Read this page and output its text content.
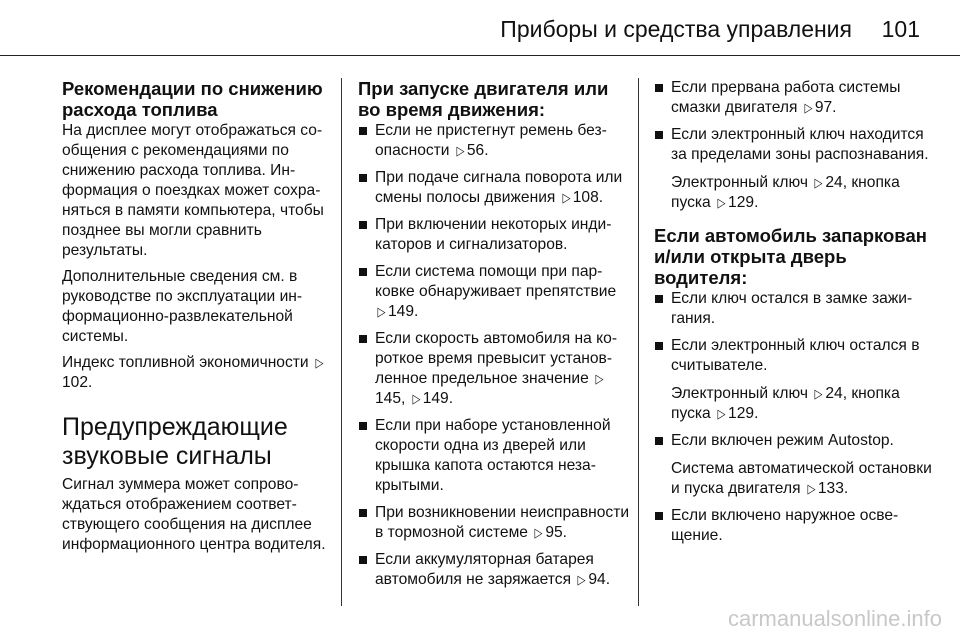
Приборы и средства управления 101
Рекомендации по снижению расхода топлива

На дисплее могут отображаться сообщения с рекомендациями по снижению расхода топлива. Информация о поездках может сохраняться в памяти компьютера, чтобы позднее вы могли сравнить результаты.

Дополнительные сведения см. в руководстве по эксплуатации информационно-развлекательной системы.

Индекс топливной экономичности ▷102.

Предупреждающие звуковые сигналы

Сигнал зуммера может сопровождаться отображением соответствующего сообщения на дисплее информационного центра водителя.

При запуске двигателя или во время движения:
Если не пристегнут ремень безопасности ▷ 56.
При подаче сигнала поворота или смены полосы движения ▷ 108.
При включении некоторых индикаторов и сигнализаторов.
Если система помощи при парковке обнаруживает препятствие ▷ 149.
Если скорость автомобиля на короткое время превысит установленное предельное значение ▷145, ▷ 149.
Если при наборе установленной скорости одна из дверей или крышка капота остаются незакрытыми.
При возникновении неисправности в тормозной системе ▷ 95.
Если аккумуляторная батарея автомобиля не заряжается ▷ 94.
Если прервана работа системы смазки двигателя ▷ 97.
Если электронный ключ находится за пределами зоны распознавания.
Электронный ключ ▷ 24, кнопка пуска ▷ 129.
Если автомобиль запаркован и/или открыта дверь водителя:
Если ключ остался в замке зажигания.
Если электронный ключ остался в считывателе.
Электронный ключ ▷ 24, кнопка пуска ▷ 129.
Если включен режим Autostop.
Система автоматической остановки и пуска двигателя ▷ 133.
Если включено наружное освещение.
carmanualsonline.info
